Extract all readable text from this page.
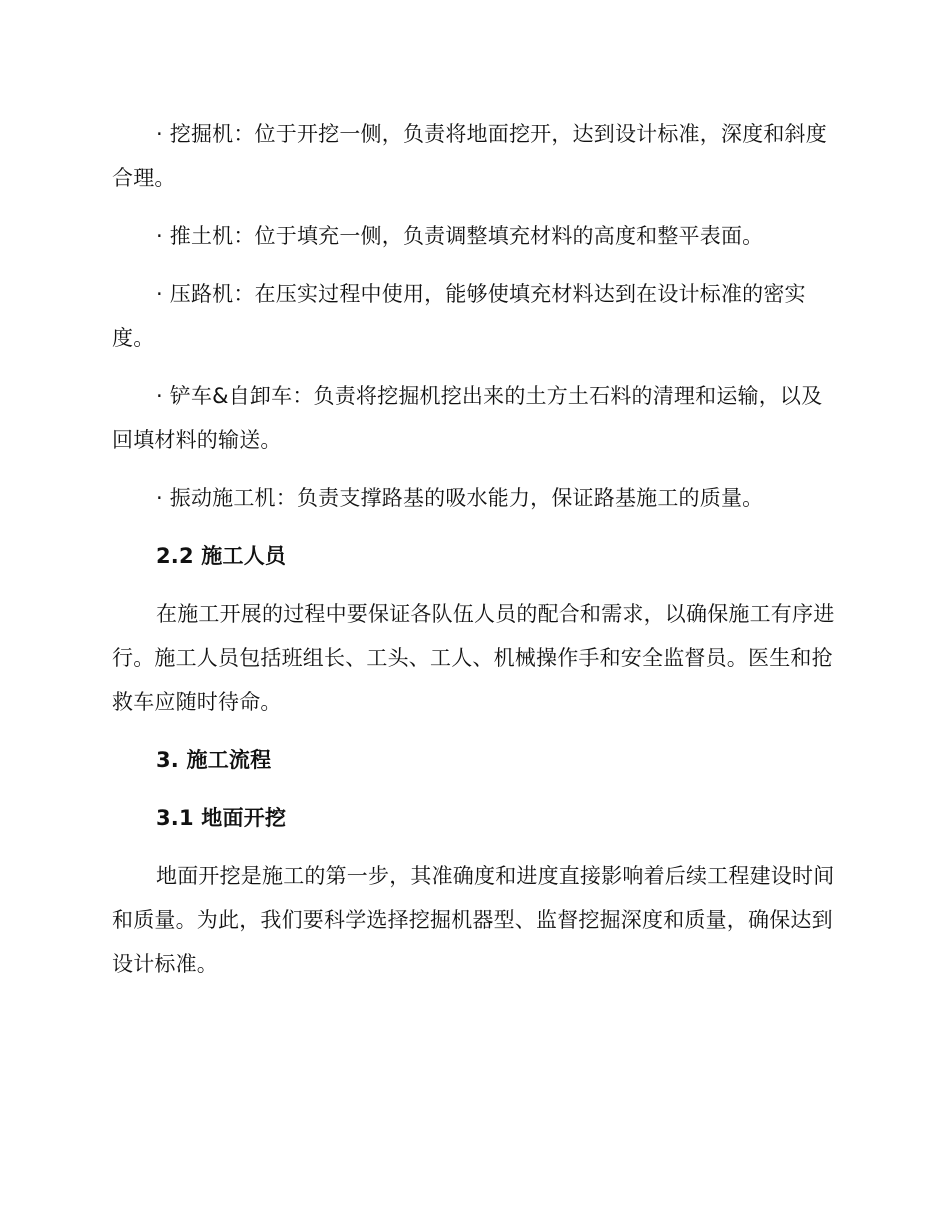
· 挖掘机：位于开挖一侧，负责将地面挖开，达到设计标准，深度和斜度合理。

· 推土机：位于填充一侧，负责调整填充材料的高度和整平表面。

· 压路机：在压实过程中使用，能够使填充材料达到在设计标准的密实度。

· 铲车&自卸车：负责将挖掘机挖出来的土方土石料的清理和运输，以及回填材料的输送。

· 振动施工机：负责支撑路基的吸水能力，保证路基施工的质量。

2.2 施工人员

在施工开展的过程中要保证各队伍人员的配合和需求，以确保施工有序进行。施工人员包括班组长、工头、工人、机械操作手和安全监督员。医生和抢救车应随时待命。

3. 施工流程
3.1 地面开挖

地面开挖是施工的第一步，其准确度和进度直接影响着后续工程建设时间和质量。为此，我们要科学选择挖掘机器型、监督挖掘深度和质量，确保达到设计标准。
